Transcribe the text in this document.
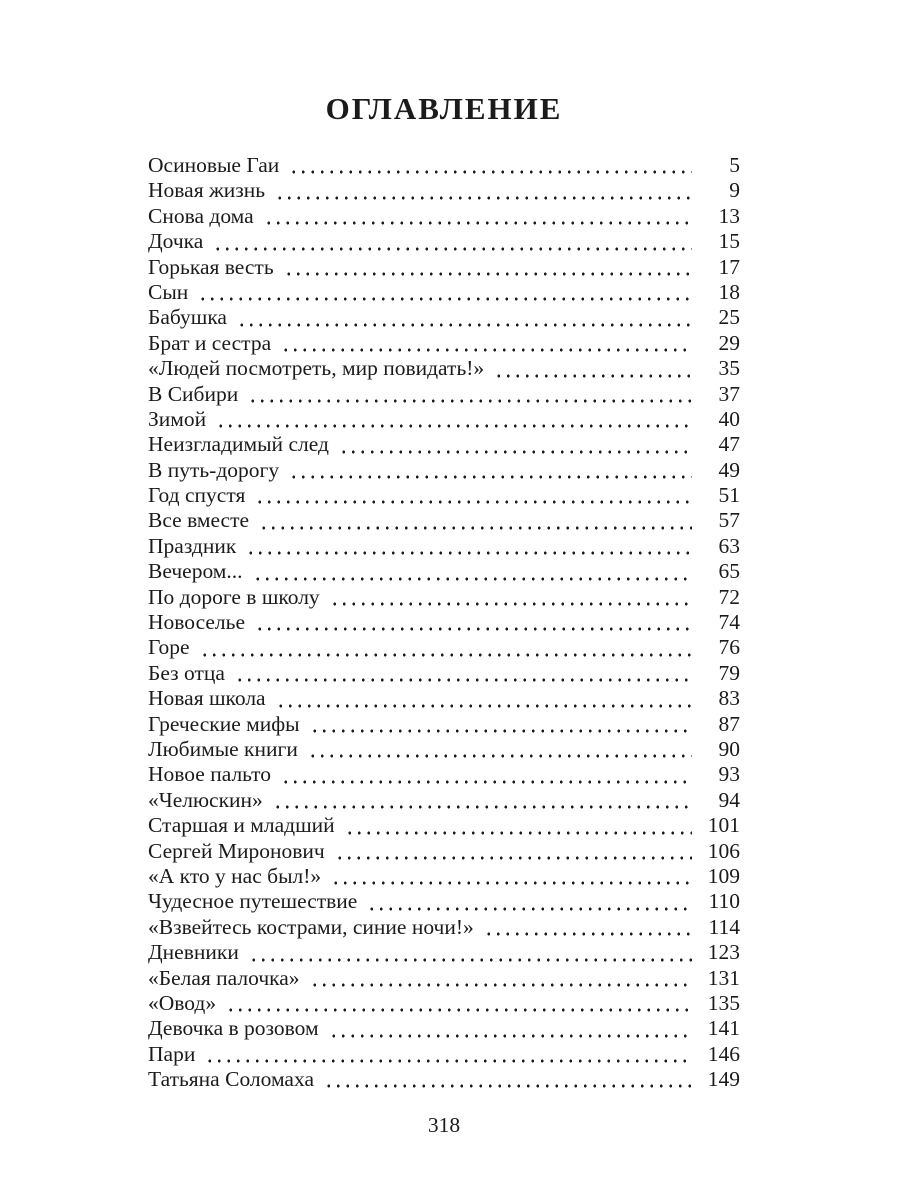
ОГЛАВЛЕНИЕ
Осиновые Гаи	5
Новая жизнь	9
Снова дома	13
Дочка	15
Горькая весть	17
Сын	18
Бабушка	25
Брат и сестра	29
«Людей посмотреть, мир повидать!»	35
В Сибири	37
Зимой	40
Неизгладимый след	47
В путь-дорогу	49
Год спустя	51
Все вместе	57
Праздник	63
Вечером...	65
По дороге в школу	72
Новоселье	74
Горе	76
Без отца	79
Новая школа	83
Греческие мифы	87
Любимые книги	90
Новое пальто	93
«Челюскин»	94
Старшая и младший	101
Сергей Миронович	106
«А кто у нас был!»	109
Чудесное путешествие	110
«Взвейтесь кострами, синие ночи!»	114
Дневники	123
«Белая палочка»	131
«Овод»	135
Девочка в розовом	141
Пари	146
Татьяна Соломаха	149
318
